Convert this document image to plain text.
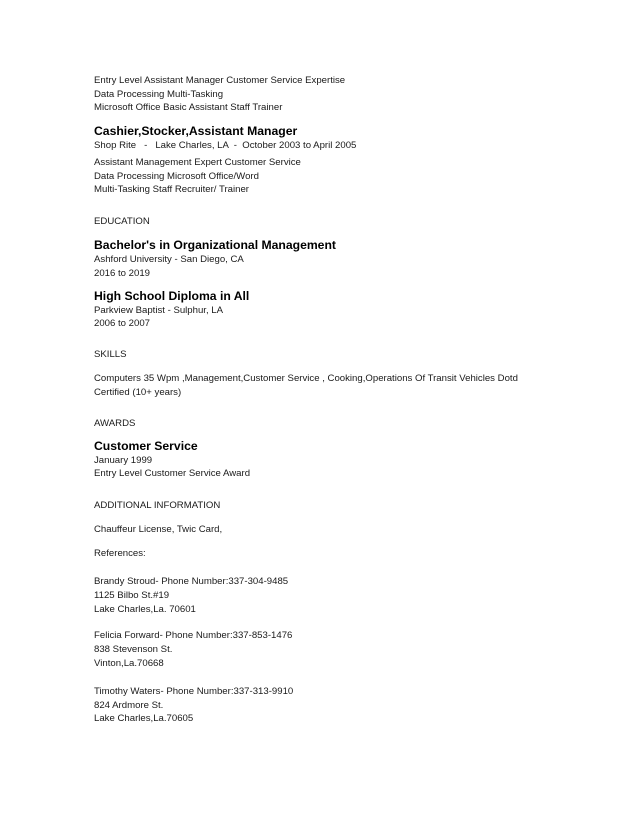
Entry Level Assistant Manager Customer Service Expertise
Data Processing Multi-Tasking
Microsoft Office Basic Assistant Staff Trainer
Cashier,Stocker,Assistant Manager
Shop Rite   -   Lake Charles, LA  -  October 2003 to April 2005
Assistant Management Expert Customer Service
Data Processing Microsoft Office/Word
Multi-Tasking Staff Recruiter/ Trainer
EDUCATION
Bachelor's in Organizational Management
Ashford University - San Diego, CA
2016 to 2019
High School Diploma in All
Parkview Baptist - Sulphur, LA
2006 to 2007
SKILLS
Computers 35 Wpm ,Management,Customer Service , Cooking,Operations Of Transit Vehicles Dotd
Certified (10+ years)
AWARDS
Customer Service
January 1999
Entry Level Customer Service Award
ADDITIONAL INFORMATION
Chauffeur License, Twic Card,
References:
Brandy Stroud- Phone Number:337-304-9485
1125 Bilbo St.#19
Lake Charles,La. 70601
Felicia Forward- Phone Number:337-853-1476
838 Stevenson St.
Vinton,La.70668
Timothy Waters- Phone Number:337-313-9910
824 Ardmore St.
Lake Charles,La.70605
